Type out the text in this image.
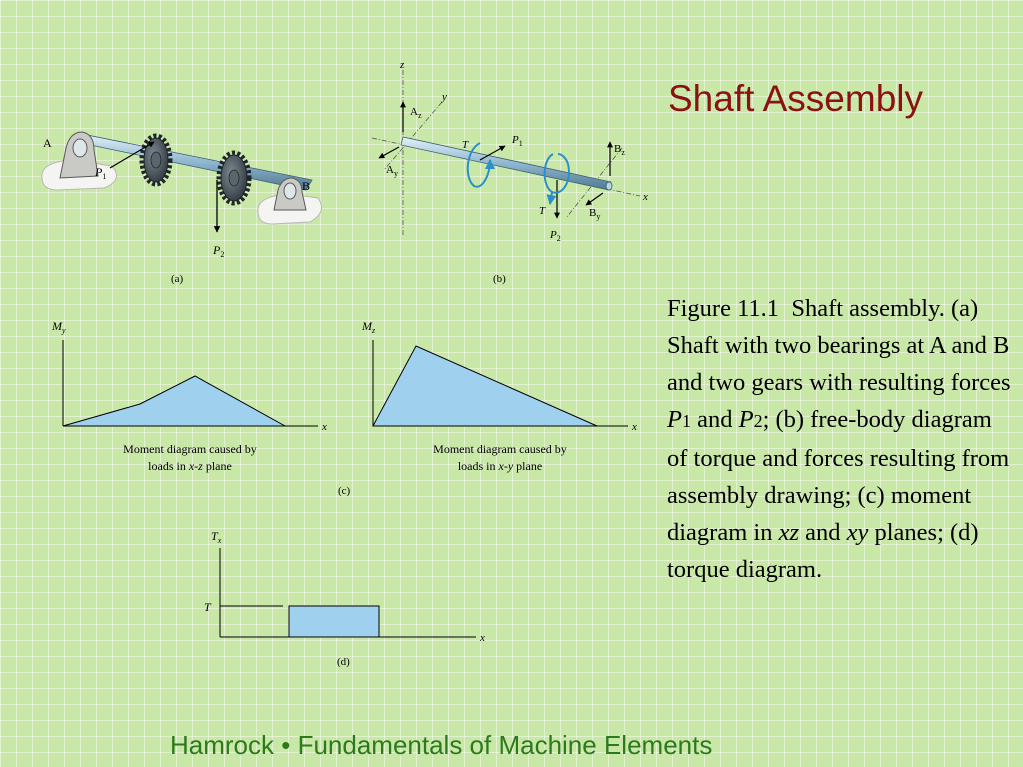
Shaft Assembly
Figure 11.1 Shaft assembly. (a) Shaft with two bearings at A and B and two gears with resulting forces P1 and P2; (b) free-body diagram of torque and forces resulting from assembly drawing; (c) moment diagram in xz and xy planes; (d) torque diagram.
Hamrock • Fundamentals of Machine Elements
A
B
$P_1$
$P_2$
(a)
z
y
x
$A_z$
$A_y$
$B_z$
$B_y$
T
T
$P_1$
$P_2$
(b)
$M_y$
x
Moment diagram caused by
loads in x-z plane
$M_z$
x
Moment diagram caused by
loads in x-y plane
(c)
$T_x$
T
x
(d)
